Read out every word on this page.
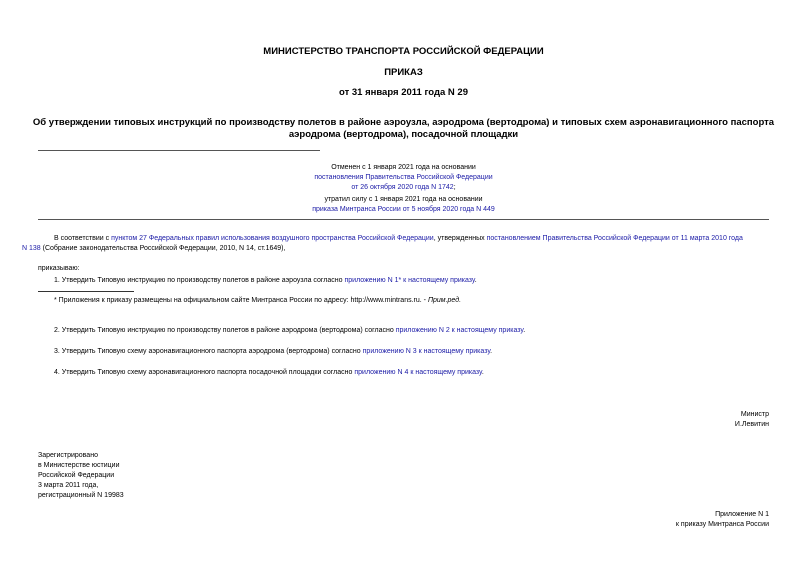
МИНИСТЕРСТВО ТРАНСПОРТА РОССИЙСКОЙ ФЕДЕРАЦИИ
ПРИКАЗ
от 31 января 2011 года N 29
Об утверждении типовых инструкций по производству полетов в районе аэроузла, аэродрома (вертодрома) и типовых схем аэронавигационного паспорта
аэродрома (вертодрома), посадочной площадки
Отменен с 1 января 2021 года на основании
постановления Правительства Российской Федерации
от 26 октября 2020 года N 1742;
утратил силу с 1 января 2021 года на основании
приказа Минтранса России от 5 ноября 2020 года N 449
В соответствии с пунктом 27 Федеральных правил использования воздушного пространства Российской Федерации, утвержденных постановлением Правительства Российской Федерации от 11 марта 2010 года
N 138 (Собрание законодательства Российской Федерации, 2010, N 14, ст.1649),
приказываю:
1. Утвердить Типовую инструкцию по производству полетов в районе аэроузла согласно приложению N 1* к настоящему приказу.
* Приложения к приказу размещены на официальном сайте Минтранса России по адресу: http://www.mintrans.ru. - Прим.ред.
2. Утвердить Типовую инструкцию по производству полетов в районе аэродрома (вертодрома) согласно приложению N 2 к настоящему приказу.
3. Утвердить Типовую схему аэронавигационного паспорта аэродрома (вертодрома) согласно приложению N 3 к настоящему приказу.
4. Утвердить Типовую схему аэронавигационного паспорта посадочной площадки согласно приложению N 4 к настоящему приказу.
Министр
И.Левитин
Зарегистрировано
в Министерстве юстиции
Российской Федерации
3 марта 2011 года,
регистрационный N 19983
Приложение N 1
к приказу Минтранса России
